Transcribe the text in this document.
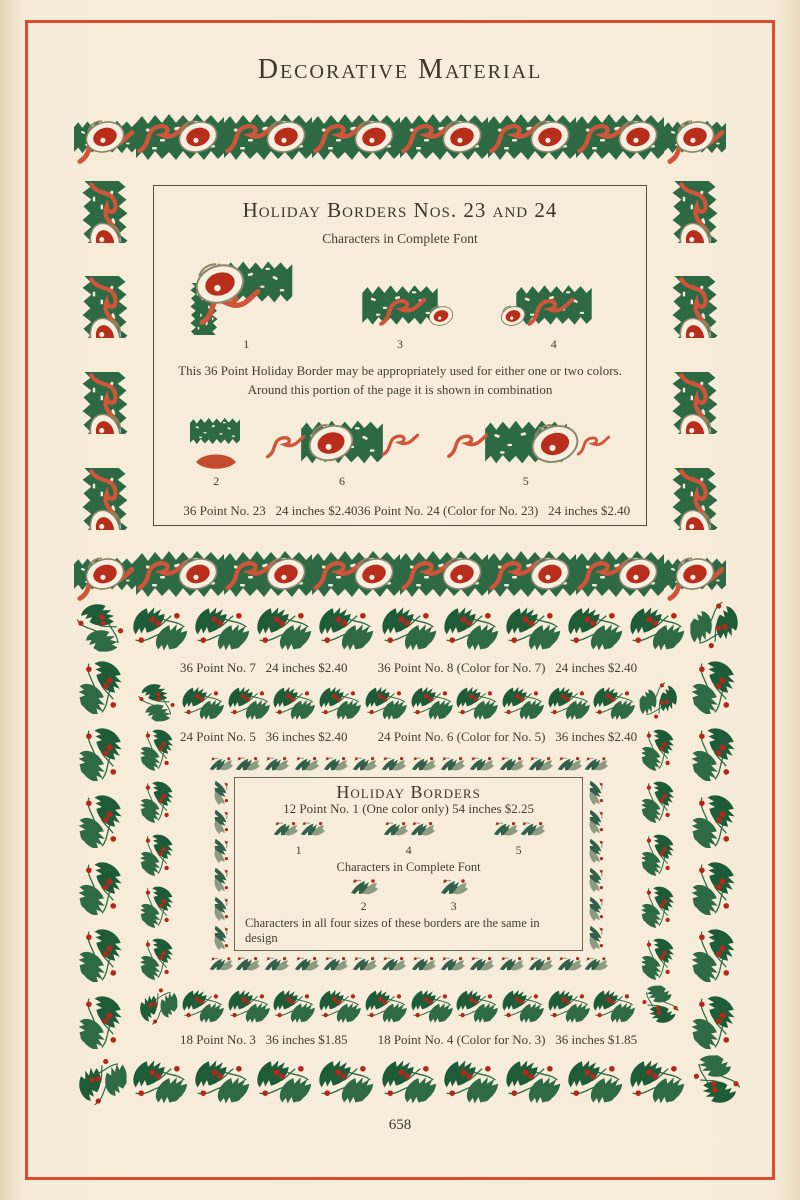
Decorative Material
Holiday Borders Nos. 23 and 24
Characters in Complete Font
1	3	4
This 36 Point Holiday Border may be appropriately used for either one or two colors. Around this portion of the page it is shown in combination
2	6	5
36 Point No. 23   24 inches $2.40 36 Point No. 24 (Color for No. 23)   24 inches $2.40
36 Point No. 7   24 inches $2.40 36 Point No. 8 (Color for No. 7)   24 inches $2.40
24 Point No. 5   36 inches $2.40 24 Point No. 6 (Color for No. 5)   36 inches $2.40
Holiday Borders
12 Point No. 1 (One color only) 54 inches $2.25
1	4	5
Characters in Complete Font
2	3
Characters in all four sizes of these borders are the same in design
18 Point No. 3   36 inches $1.85 18 Point No. 4 (Color for No. 3)   36 inches $1.85
658
